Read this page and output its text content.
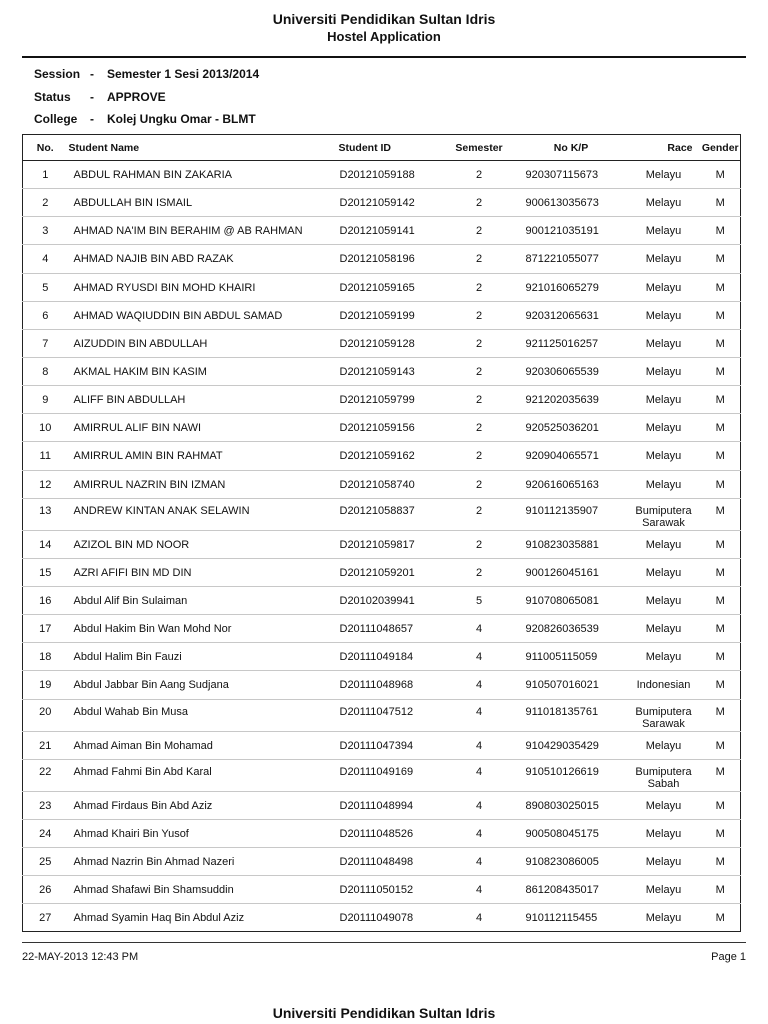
Universiti Pendidikan Sultan Idris
Hostel Application
Session - Semester 1 Sesi 2013/2014
Status - APPROVE
College - Kolej Ungku Omar - BLMT
No.	Student Name	Student ID	Semester	No K/P	Race	Gender

1	ABDUL RAHMAN BIN ZAKARIA	D20121059188	2	920307115673	Melayu	M

2	ABDULLAH BIN ISMAIL	D20121059142	2	900613035673	Melayu	M

3	AHMAD NA'IM BIN BERAHIM @ AB RAHMAN	D20121059141	2	900121035191	Melayu	M

4	AHMAD NAJIB BIN ABD RAZAK	D20121058196	2	871221055077	Melayu	M

5	AHMAD RYUSDI BIN MOHD KHAIRI	D20121059165	2	921016065279	Melayu	M

6	AHMAD WAQIUDDIN BIN ABDUL SAMAD	D20121059199	2	920312065631	Melayu	M

7	AIZUDDIN BIN ABDULLAH	D20121059128	2	921125016257	Melayu	M

8	AKMAL HAKIM BIN KASIM	D20121059143	2	920306065539	Melayu	M

9	ALIFF BIN ABDULLAH	D20121059799	2	921202035639	Melayu	M

10	AMIRRUL ALIF BIN NAWI	D20121059156	2	920525036201	Melayu	M

11	AMIRRUL AMIN BIN RAHMAT	D20121059162	2	920904065571	Melayu	M

12	AMIRRUL NAZRIN BIN IZMAN	D20121058740	2	920616065163	Melayu	M

13	ANDREW KINTAN ANAK SELAWIN	D20121058837	2	910112135907	Bumiputera
Sarawak	M

14	AZIZOL BIN MD NOOR	D20121059817	2	910823035881	Melayu	M

15	AZRI AFIFI BIN MD DIN	D20121059201	2	900126045161	Melayu	M

16	Abdul Alif Bin Sulaiman	D20102039941	5	910708065081	Melayu	M

17	Abdul Hakim Bin Wan Mohd Nor	D20111048657	4	920826036539	Melayu	M

18	Abdul Halim Bin Fauzi	D20111049184	4	911005115059	Melayu	M

19	Abdul Jabbar Bin Aang Sudjana	D20111048968	4	910507016021	Indonesian	M

20	Abdul Wahab Bin Musa	D20111047512	4	911018135761	Bumiputera
Sarawak	M

21	Ahmad Aiman Bin Mohamad	D20111047394	4	910429035429	Melayu	M

22	Ahmad Fahmi Bin Abd Karal	D20111049169	4	910510126619	Bumiputera
Sabah	M

23	Ahmad Firdaus Bin Abd Aziz	D20111048994	4	890803025015	Melayu	M

24	Ahmad Khairi Bin Yusof	D20111048526	4	900508045175	Melayu	M

25	Ahmad Nazrin Bin Ahmad Nazeri	D20111048498	4	910823086005	Melayu	M

26	Ahmad Shafawi Bin Shamsuddin	D20111050152	4	861208435017	Melayu	M

27	Ahmad Syamin Haq Bin Abdul Aziz	D20111049078	4	910112115455	Melayu	M
22-MAY-2013 12:43 PM	Page 1
Universiti Pendidikan Sultan Idris
